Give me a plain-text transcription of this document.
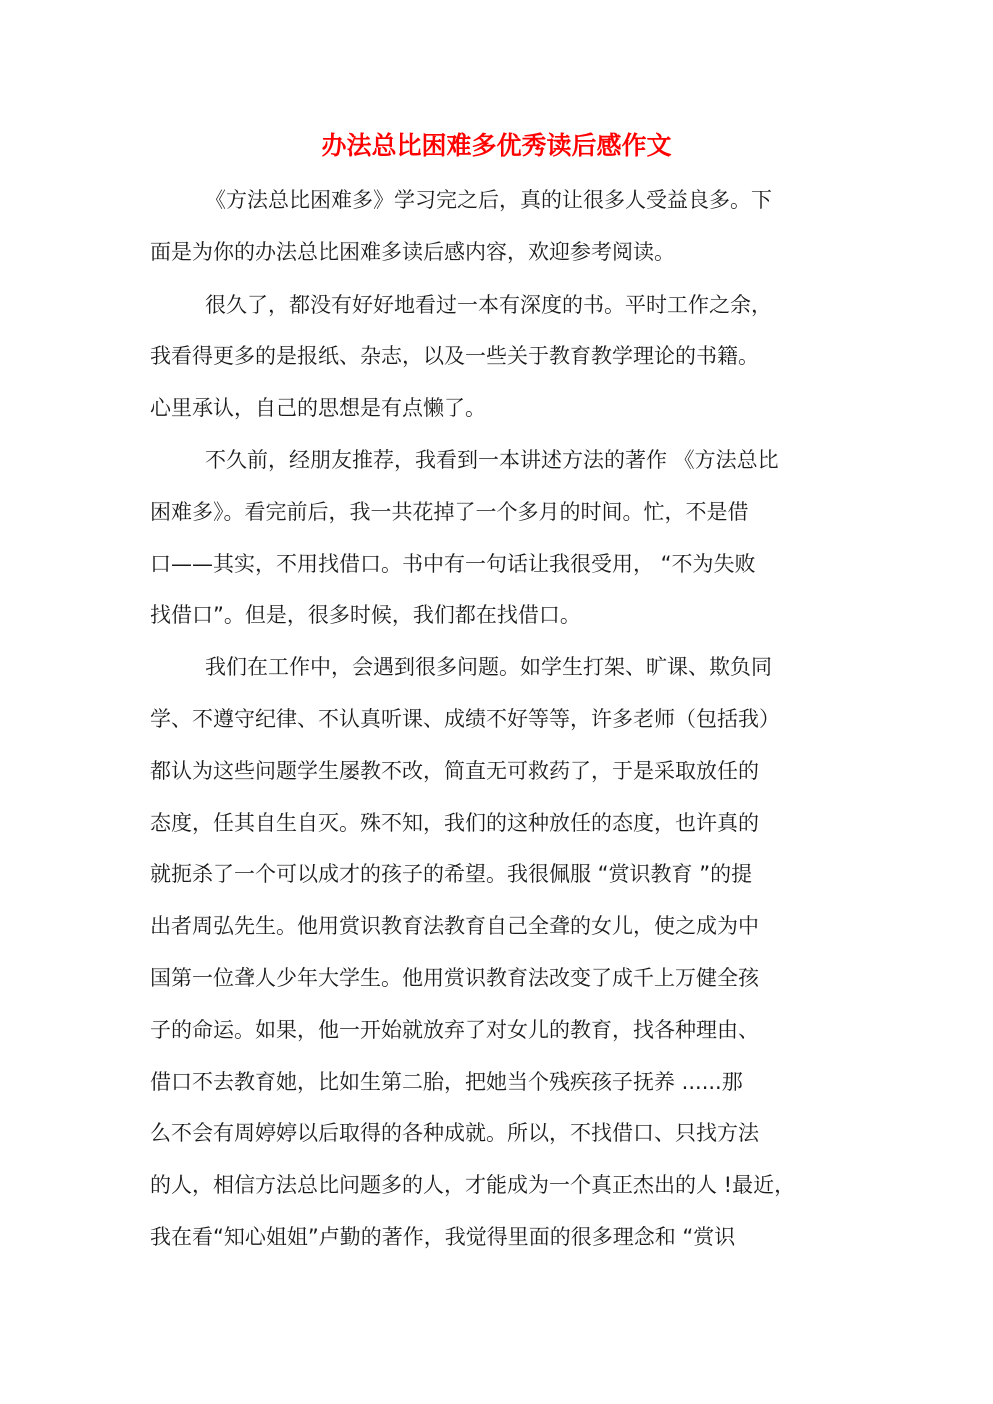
办法总比困难多优秀读后感作文
《方法总比困难多》学习完之后，真的让很多人受益良多。下
面是为你的办法总比困难多读后感内容，欢迎参考阅读。
很久了，都没有好好地看过一本有深度的书。平时工作之余，
我看得更多的是报纸、杂志，以及一些关于教育教学理论的书籍。
心里承认，自己的思想是有点懒了。
不久前，经朋友推荐，我看到一本讲述方法的著作 《方法总比
困难多》。看完前后，我一共花掉了一个多月的时间。忙，不是借
口——其实，不用找借口。书中有一句话让我很受用， “不为失败
找借口”。但是，很多时候，我们都在找借口。
我们在工作中，会遇到很多问题。如学生打架、旷课、欺负同
学、不遵守纪律、不认真听课、成绩不好等等，许多老师（包括我）
都认为这些问题学生屡教不改，简直无可救药了，于是采取放任的
态度，任其自生自灭。殊不知，我们的这种放任的态度，也许真的
就扼杀了一个可以成才的孩子的希望。我很佩服 “赏识教育 ”的提
出者周弘先生。他用赏识教育法教育自己全聋的女儿，使之成为中
国第一位聋人少年大学生。他用赏识教育法改变了成千上万健全孩
子的命运。如果，他一开始就放弃了对女儿的教育，找各种理由、
借口不去教育她，比如生第二胎，把她当个残疾孩子抚养 ......那
么不会有周婷婷以后取得的各种成就。所以，不找借口、只找方法
的人，相信方法总比问题多的人，才能成为一个真正杰出的人 !最近，
我在看“知心姐姐”卢勤的著作，我觉得里面的很多理念和 “赏识
